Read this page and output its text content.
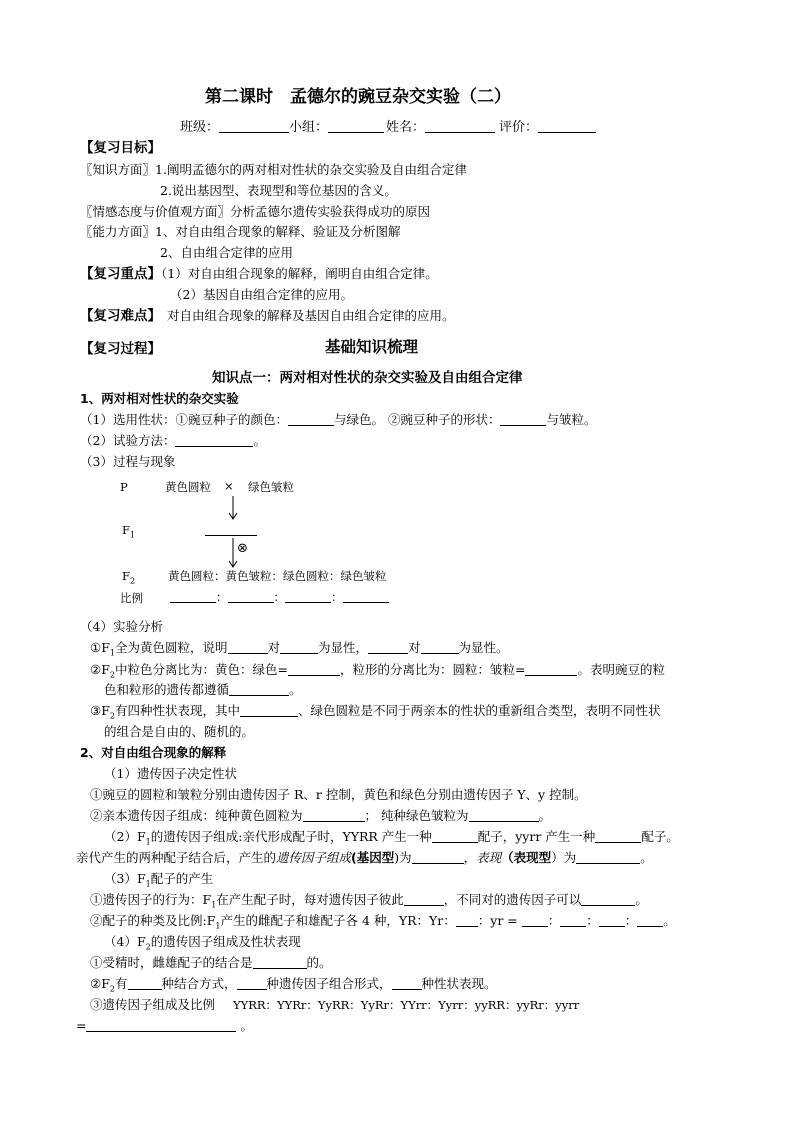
第二课时　孟德尔的豌豆杂交实验（二）
班级：	小组：	姓名：	评价：
【复习目标】
〖知识方面〗1.阐明孟德尔的两对相对性状的杂交实验及自由组合定律
2.说出基因型、表现型和等位基因的含义。
〖情感态度与价值观方面〗分析孟德尔遗传实验获得成功的原因
〖能力方面〗1、对自由组合现象的解释、验证及分析图解
2、自由组合定律的应用
【复习重点】（1）对自由组合现象的解释，阐明自由组合定律。
（2）基因自由组合定律的应用。
【复习难点】 对自由组合现象的解释及基因自由组合定律的应用。
【复习过程】	基础知识梳理
知识点一：两对相对性状的杂交实验及自由组合定律
1、两对相对性状的杂交实验
（1）选用性状：①豌豆种子的颜色：	与绿色。 ②豌豆种子的形状：	与皱粒。
（2）试验方法：	。
（3）过程与现象
P	黄色圆粒 × 绿色皱粒
$F_1$
⊗
$F_2$	黄色圆粒：黄色皱粒：绿色圆粒：绿色皱粒
比例	：	：	：
（4）实验分析
$①F_1$全为黄色圆粒，说明	对	为显性，	对	为显性。
$②F_2$中粒色分离比为：黄色：绿色=	，粒形的分离比为：圆粒：皱粒=	。表明豌豆的粒
色和粒形的遗传都遵循	。
$③F_2$有四种性状表现，其中	、绿色圆粒是不同于两亲本的性状的重新组合类型，表明不同性状
的组合是自由的、随机的。
2、对自由组合现象的解释
（1）遗传因子决定性状
①豌豆的圆粒和皱粒分别由遗传因子 R、r 控制，黄色和绿色分别由遗传因子 Y、y 控制。
②亲本遗传因子组成：纯种黄色圆粒为	； 纯种绿色皱粒为	。
$(2)F_1$的遗传因子组成:亲代形成配子时，YYRR 产生一种	配子，yyrr 产生一种	配子。
亲代产生的两种配子结合后，产生的遗传因子组成(基因型)为	，表现（表现型）为	。
$(3)F_1$配子的产生
①遗传因子的行为：$F_1$在产生配子时，每对遗传因子彼此	，不同对的遗传因子可以	。
②配子的种类及比例$:F_1$产生的雌配子和雄配子各 4 种，YR：Yr： ：yr = ： ： ： 。
$(4)F_2$的遗传因子组成及性状表现
①受精时，雌雄配子的结合是	的。
$②F_2$有	种结合方式， 种遗传因子组合形式， 种性状表现。
③遗传因子组成及比例 YYRR：YYRr：YyRR：YyRr：YYrr：Yyrr：yyRR：yyRr：yyrr
=	。
